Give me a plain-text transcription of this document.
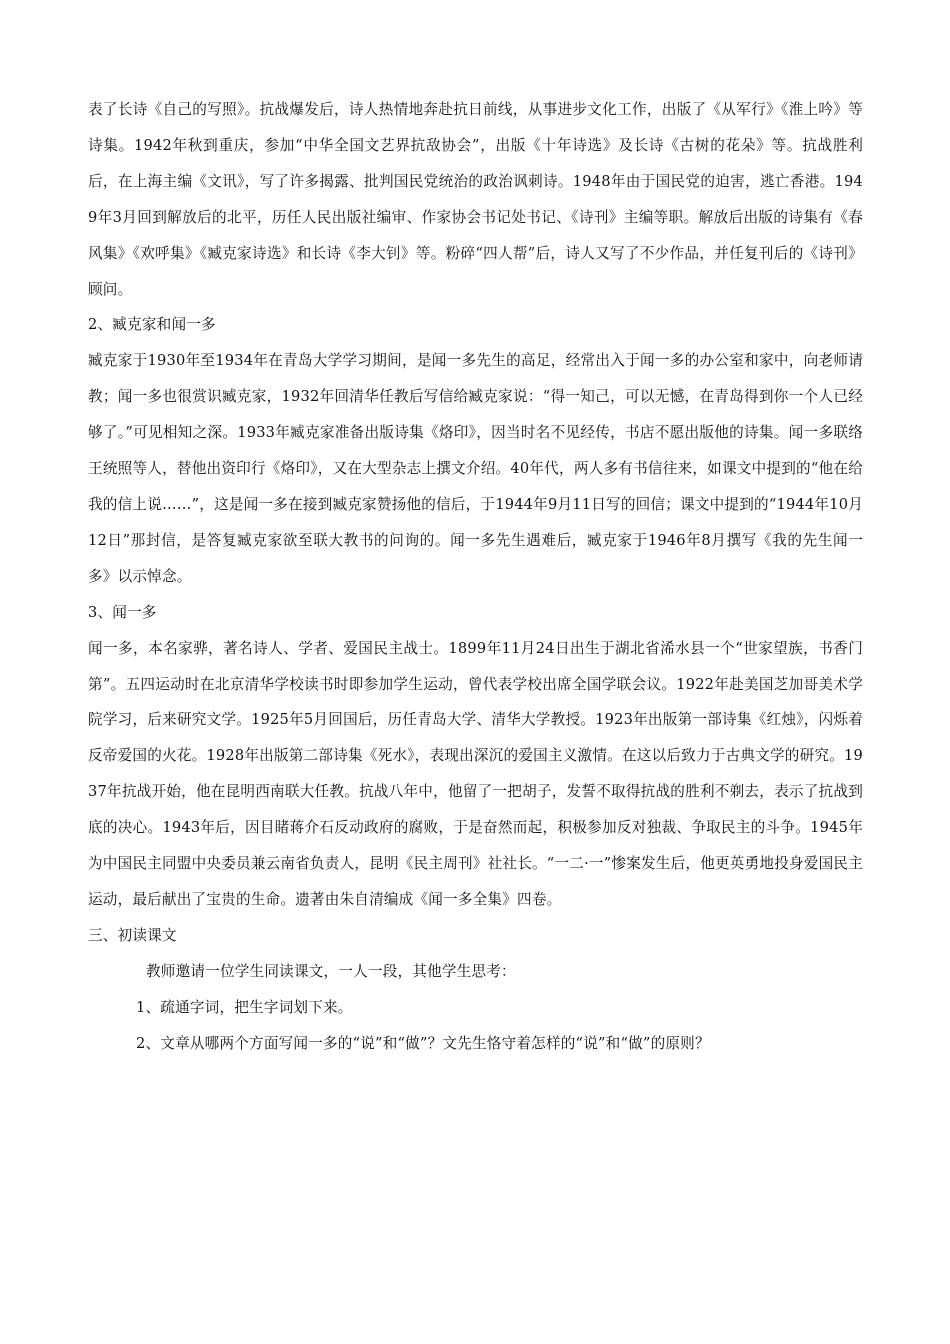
表了长诗《自己的写照》。抗战爆发后，诗人热情地奔赴抗日前线，从事进步文化工作，出版了《从军行》《淮上吟》等诗集。1942年秋到重庆，参加“中华全国文艺界抗敌协会”，出版《十年诗选》及长诗《古树的花朵》等。抗战胜利后，在上海主编《文讯》，写了许多揭露、批判国民党统治的政治讽刺诗。1948年由于国民党的迫害，逃亡香港。1949年3月回到解放后的北平，历任人民出版社编审、作家协会书记处书记、《诗刊》主编等职。解放后出版的诗集有《春风集》《欢呼集》《臧克家诗选》和长诗《李大钊》等。粉碎“四人帮”后，诗人又写了不少作品，并任复刊后的《诗刊》顾问。

2、臧克家和闻一多

臧克家于1930年至1934年在青岛大学学习期间，是闻一多先生的高足，经常出入于闻一多的办公室和家中，向老师请教；闻一多也很赏识臧克家，1932年回清华任教后写信给臧克家说：“得一知己，可以无憾，在青岛得到你一个人已经够了。”可见相知之深。1933年臧克家准备出版诗集《烙印》，因当时名不见经传，书店不愿出版他的诗集。闻一多联络王统照等人，替他出资印行《烙印》，又在大型杂志上撰文介绍。40年代，两人多有书信往来，如课文中提到的“他在给我的信上说……”，这是闻一多在接到臧克家赞扬他的信后，于1944年9月11日写的回信；课文中提到的“1944年10月12日”那封信，是答复臧克家欲至联大教书的问询的。闻一多先生遇难后，臧克家于1946年8月撰写《我的先生闻一多》以示悼念。

3、闻一多

闻一多，本名家骅，著名诗人、学者、爱国民主战士。1899年11月24日出生于湖北省浠水县一个“世家望族，书香门第”。五四运动时在北京清华学校读书时即参加学生运动，曾代表学校出席全国学联会议。1922年赴美国芝加哥美术学院学习，后来研究文学。1925年5月回国后，历任青岛大学、清华大学教授。1923年出版第一部诗集《红烛》，闪烁着反帝爱国的火花。1928年出版第二部诗集《死水》，表现出深沉的爱国主义激情。在这以后致力于古典文学的研究。1937年抗战开始，他在昆明西南联大任教。抗战八年中，他留了一把胡子，发誓不取得抗战的胜利不剃去，表示了抗战到底的决心。1943年后，因目睹蒋介石反动政府的腐败，于是奋然而起，积极参加反对独裁、争取民主的斗争。1945年为中国民主同盟中央委员兼云南省负责人，昆明《民主周刊》社社长。“一二·一”惨案发生后，他更英勇地投身爱国民主运动，最后献出了宝贵的生命。遗著由朱自清编成《闻一多全集》四卷。

三、初读课文

教师邀请一位学生同读课文，一人一段，其他学生思考：

1、疏通字词，把生字词划下来。

2、文章从哪两个方面写闻一多的“说”和“做”？文先生恪守着怎样的“说”和“做”的原则？
